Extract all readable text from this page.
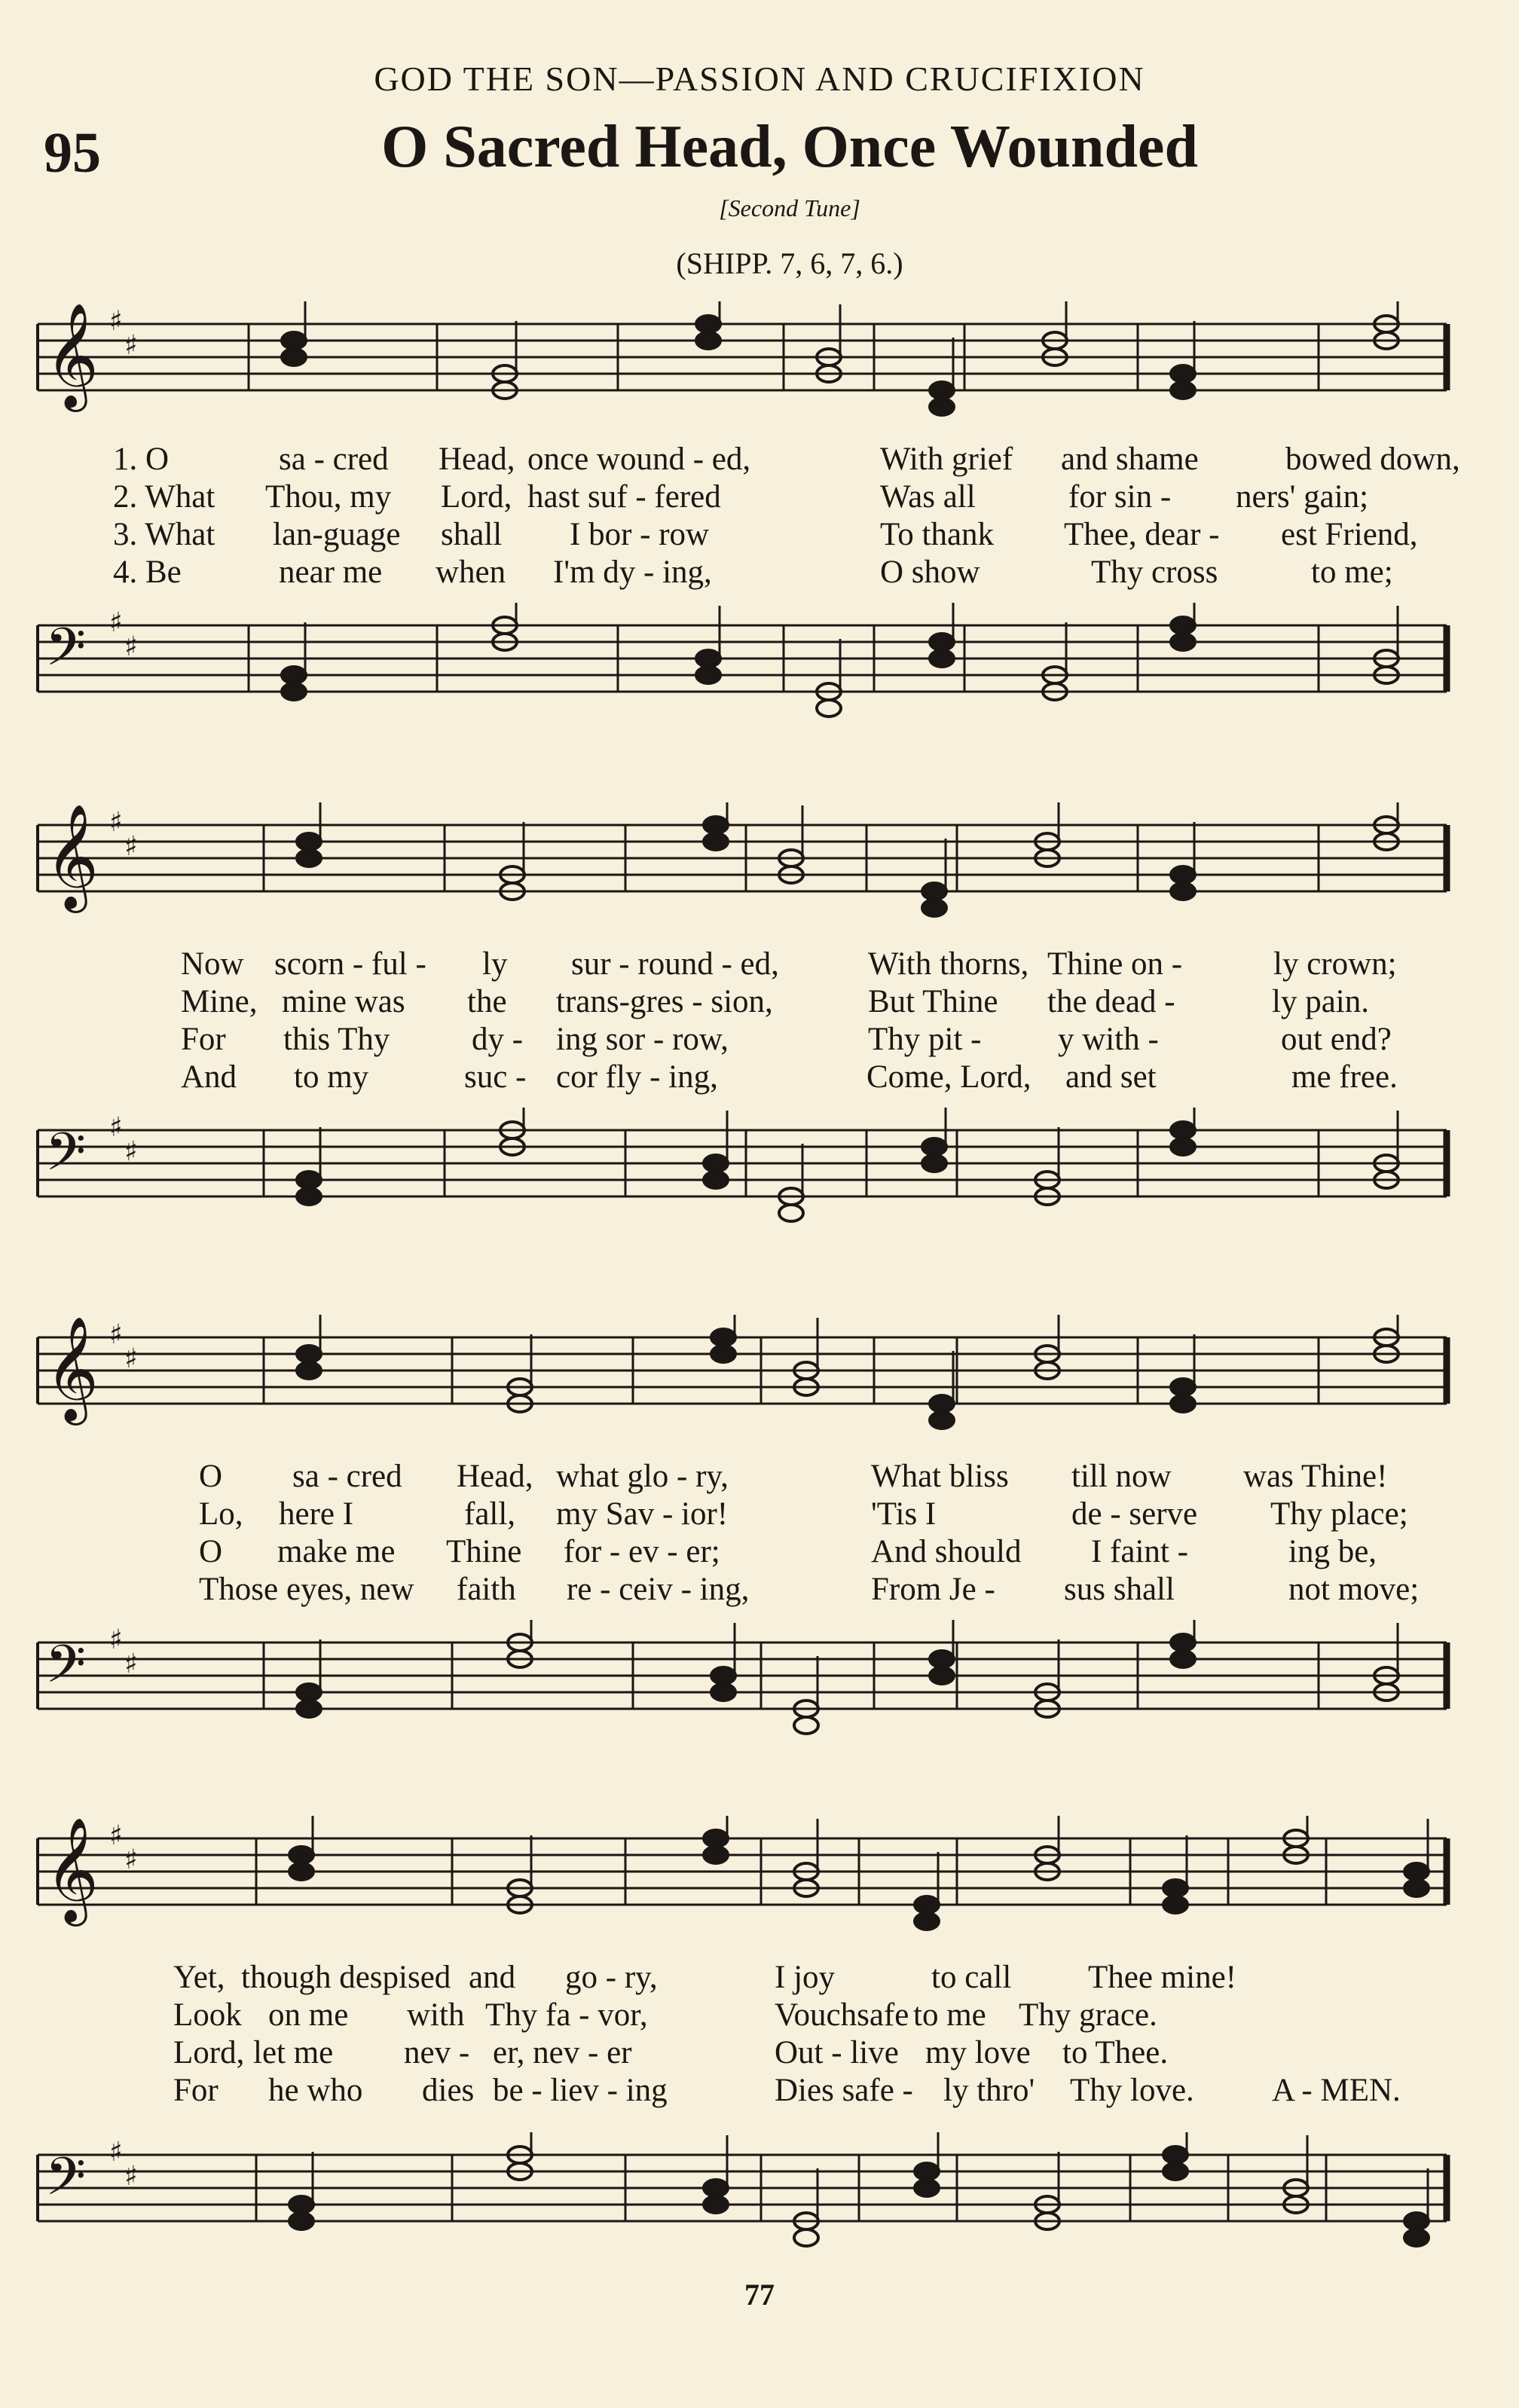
GOD THE SON—PASSION AND CRUCIFIXION
95	O Sacred Head, Once Wounded
[Second Tune]
(SHIPP. 7, 6, 7, 6.)
𝄞 ♯
♯
1. O	sa - cred Head, once wound - ed,	With grief and shame	bowed down,
2. What Thou, my Lord, hast suf - fered	Was all	for sin - ners' gain;
3. What lan-guage shall I bor - row	To thank Thee, dear - est Friend,
4. Be	near me when I'm dy - ing,	O show	Thy cross	to me;
𝄢 ♯
♯
𝄞 ♯
♯
Now scorn - ful - ly sur - round - ed,	With thorns, Thine on -	ly crown;
Mine, mine was the trans-gres - sion,	But Thine the dead -	ly pain.
For this Thy	dy - ing sor - row,	Thy pit - y with -	out end?
And to my	suc - cor fly - ing,	Come, Lord, and set	me free.
𝄢 ♯
♯
𝄞 ♯
♯
O sa - cred Head, what glo - ry,	What bliss till now was Thine!
Lo, here I	fall, my Sav - ior!	'Tis I	de - serve Thy place;
O make me Thine for - ev - er;	And should I faint -	ing be,
Those eyes, new faith re - ceiv - ing,	From Je - sus shall	not move;
𝄢 ♯
♯
𝄞 ♯
♯
Yet, though despised and go - ry,	I joy	to call Thee mine!
Look on me with Thy fa - vor,	Vouchsafe to me Thy grace.
Lord, let me nev - er, nev - er	Out - live my love to Thee.
For he who dies be - liev - ing	Dies safe - ly thro' Thy love. A - MEN.
𝄢 ♯
♯
77
